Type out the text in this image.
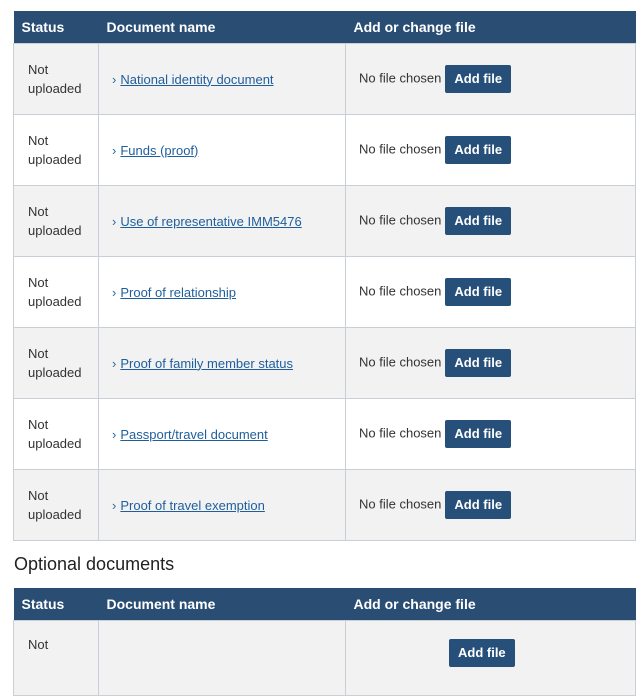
Status	Document name	Add or change file
Not
uploaded	› National identity document	No file chosen Add file
Not
uploaded	› Funds (proof)	No file chosen Add file
Not
uploaded	› Use of representative IMM5476	No file chosen Add file
Not
uploaded	› Proof of relationship	No file chosen Add file
Not
uploaded	› Proof of family member status	No file chosen Add file
Not
uploaded	› Passport/travel document	No file chosen Add file
Not
uploaded	› Proof of travel exemption	No file chosen Add file
Optional documents
Status	Document name	Add or change file
Not		Add file
